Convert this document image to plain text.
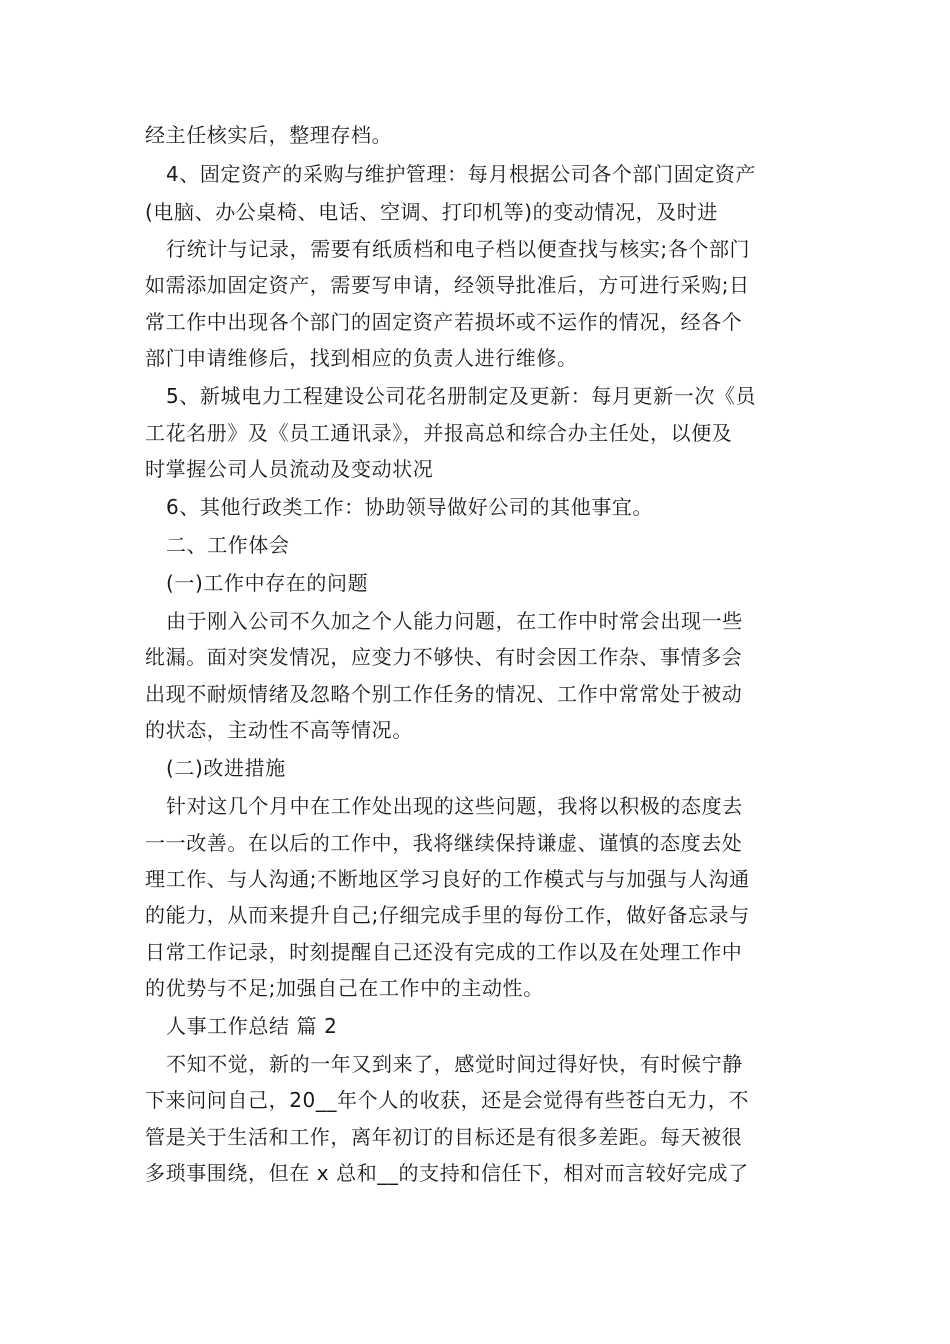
经主任核实后，整理存档。
4、固定资产的采购与维护管理：每月根据公司各个部门固定资产
(电脑、办公桌椅、电话、空调、打印机等)的变动情况，及时进
行统计与记录，需要有纸质档和电子档以便查找与核实;各个部门
如需添加固定资产，需要写申请，经领导批准后，方可进行采购;日
常工作中出现各个部门的固定资产若损坏或不运作的情况，经各个
部门申请维修后，找到相应的负责人进行维修。
5、新城电力工程建设公司花名册制定及更新：每月更新一次《员
工花名册》及《员工通讯录》，并报高总和综合办主任处，以便及
时掌握公司人员流动及变动状况
6、其他行政类工作：协助领导做好公司的其他事宜。
二、工作体会
(一)工作中存在的问题
由于刚入公司不久加之个人能力问题，在工作中时常会出现一些
纰漏。面对突发情况，应变力不够快、有时会因工作杂、事情多会
出现不耐烦情绪及忽略个别工作任务的情况、工作中常常处于被动
的状态，主动性不高等情况。
(二)改进措施
针对这几个月中在工作处出现的这些问题，我将以积极的态度去
一一改善。在以后的工作中，我将继续保持谦虚、谨慎的态度去处
理工作、与人沟通;不断地区学习良好的工作模式与与加强与人沟通
的能力，从而来提升自己;仔细完成手里的每份工作，做好备忘录与
日常工作记录，时刻提醒自己还没有完成的工作以及在处理工作中
的优势与不足;加强自己在工作中的主动性。
人事工作总结 篇 2
不知不觉，新的一年又到来了，感觉时间过得好快，有时候宁静
下来问问自己，20__年个人的收获，还是会觉得有些苍白无力，不
管是关于生活和工作，离年初订的目标还是有很多差距。每天被很
多琐事围绕，但在 x 总和__的支持和信任下，相对而言较好完成了
